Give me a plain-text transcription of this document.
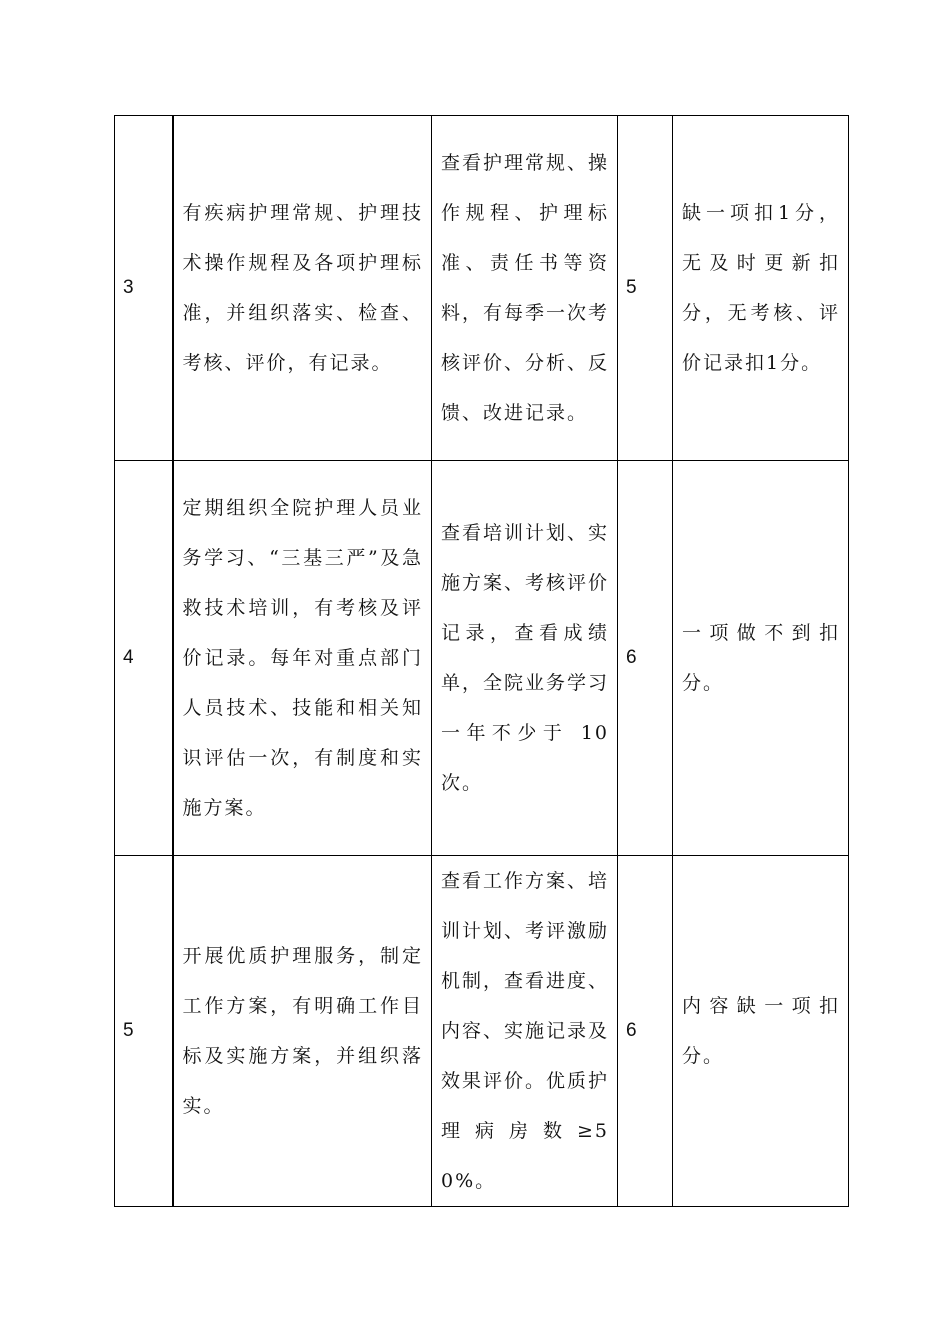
3	有疾病护理常规、护理技术操作规程及各项护理标准，并组织落实、检查、考核、评价，有记录。	查看护理常规、操作规程、护理标准、责任书等资料，有每季一次考核评价、分析、反馈、改进记录。	5	缺一项扣1分，无及时更新扣分，无考核、评价记录扣1分。

4	定期组织全院护理人员业务学习、“三基三严”及急救技术培训，有考核及评价记录。每年对重点部门人员技术、技能和相关知识评估一次，有制度和实施方案。	查看培训计划、实施方案、考核评价记录，查看成绩单，全院业务学习一年不少于 10 次。	6	一项做不到扣分。

5	开展优质护理服务，制定工作方案，有明确工作目标及实施方案，并组织落实。	查看工作方案、培训计划、考评激励机制，查看进度、内容、实施记录及效果评价。优质护理病房数≥50%。	6	内容缺一项扣分。
